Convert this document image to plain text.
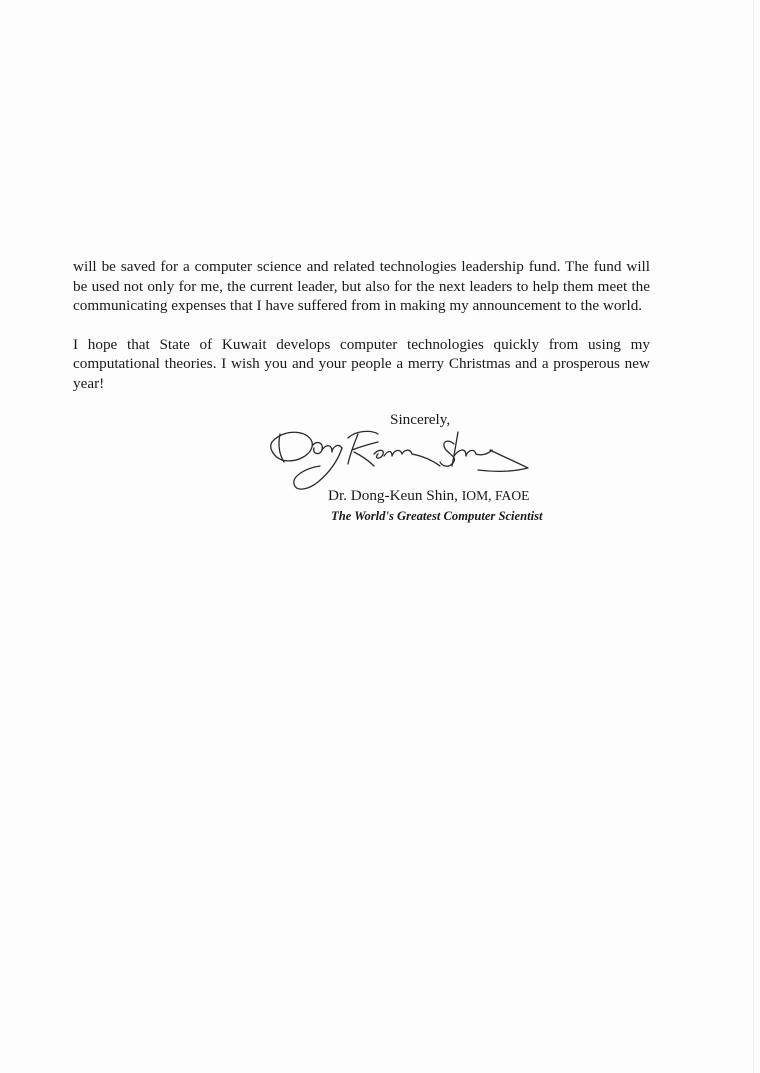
will be saved for a computer science and related technologies leadership fund. The fund will be used not only for me, the current leader, but also for the next leaders to help them meet the communicating expenses that I have suffered from in making my announcement to the world.

I hope that State of Kuwait develops computer technologies quickly from using my computational theories. I wish you and your people a merry Christmas and a prosperous new year!

Sincerely,
Dr. Dong-Keun Shin, IOM, FAOE
The World's Greatest Computer Scientist
